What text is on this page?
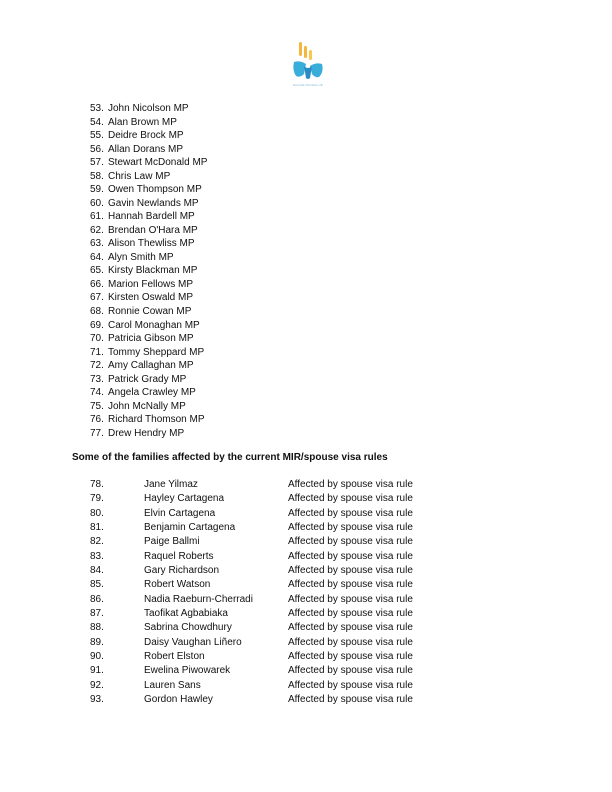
Reunite Families UK
53. John Nicolson MP
54. Alan Brown MP
55. Deidre Brock MP
56. Allan Dorans MP
57. Stewart McDonald MP
58. Chris Law MP
59. Owen Thompson MP
60. Gavin Newlands MP
61. Hannah Bardell MP
62. Brendan O'Hara MP
63. Alison Thewliss MP
64. Alyn Smith MP
65. Kirsty Blackman MP
66. Marion Fellows MP
67. Kirsten Oswald MP
68. Ronnie Cowan MP
69. Carol Monaghan MP
70. Patricia Gibson MP
71. Tommy Sheppard MP
72. Amy Callaghan MP
73. Patrick Grady MP
74. Angela Crawley MP
75. John McNally MP
76. Richard Thomson MP
77. Drew Hendry MP
Some of the families affected by the current MIR/spouse visa rules
78.	Jane Yilmaz	Affected by spouse visa rule
79.	Hayley Cartagena	Affected by spouse visa rule
80.	Elvin Cartagena	Affected by spouse visa rule
81.	Benjamin Cartagena	Affected by spouse visa rule
82.	Paige Ballmi	Affected by spouse visa rule
83.	Raquel Roberts	Affected by spouse visa rule
84.	Gary Richardson	Affected by spouse visa rule
85.	Robert Watson	Affected by spouse visa rule
86.	Nadia Raeburn-Cherradi	Affected by spouse visa rule
87.	Taofikat Agbabiaka	Affected by spouse visa rule
88.	Sabrina Chowdhury	Affected by spouse visa rule
89.	Daisy Vaughan Liñero	Affected by spouse visa rule
90.	Robert Elston	Affected by spouse visa rule
91.	Ewelina Piwowarek	Affected by spouse visa rule
92.	Lauren Sans	Affected by spouse visa rule
93.	Gordon Hawley	Affected by spouse visa rule
